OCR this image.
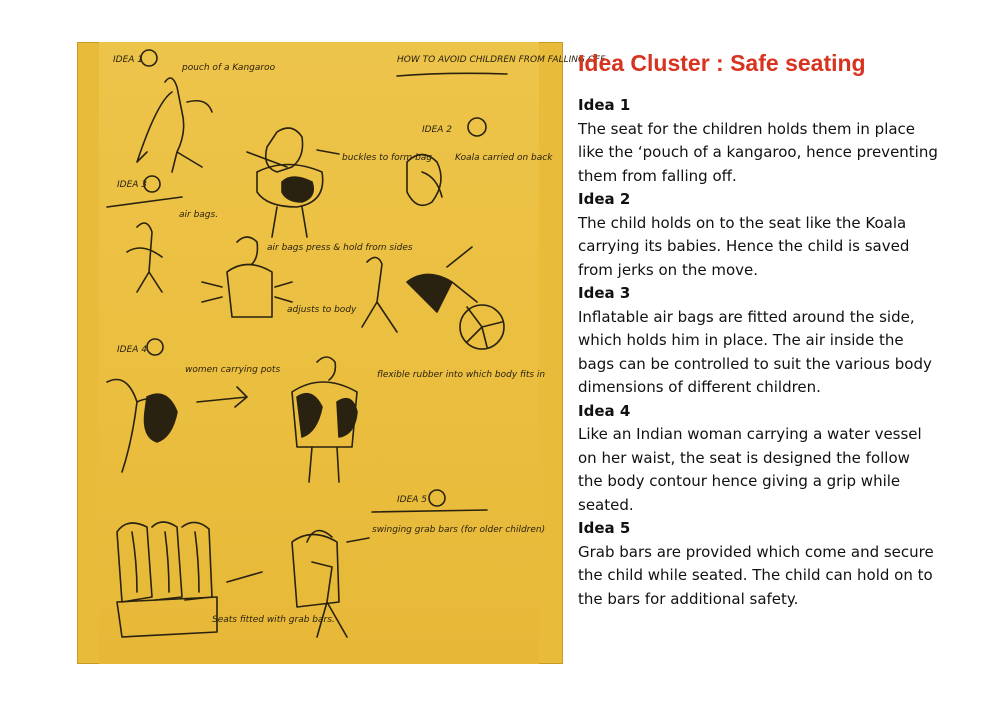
HOW TO AVOID CHILDREN FROM FALLING OFF
IDEA 1
pouch of a Kangaroo
buckles to form bag
IDEA 2
Koala carried on back
IDEA 3
air bags.
air bags press & hold from sides
adjusts to body
IDEA 4
women carrying pots	flexible rubber into which body fits in
IDEA 5
Seats fitted with grab bars.
swinging grab bars (for older children)
Idea Cluster : Safe seating

Idea 1

The seat for the children holds them in place like the ‘pouch of a kangaroo, hence preventing them from falling off.

Idea 2

The child holds on to the seat like the Koala carrying its babies. Hence the child is saved from jerks on the move.

Idea 3

Inflatable air bags are fitted around the side, which holds him in place. The air inside the bags can be controlled to suit the various body dimensions of different children.

Idea 4

Like an Indian woman carrying a water vessel on her waist, the seat is designed the follow the body contour hence giving a grip while seated.

Idea 5

Grab bars are provided which come and secure the child while seated. The child can hold on to the bars for additional safety.
